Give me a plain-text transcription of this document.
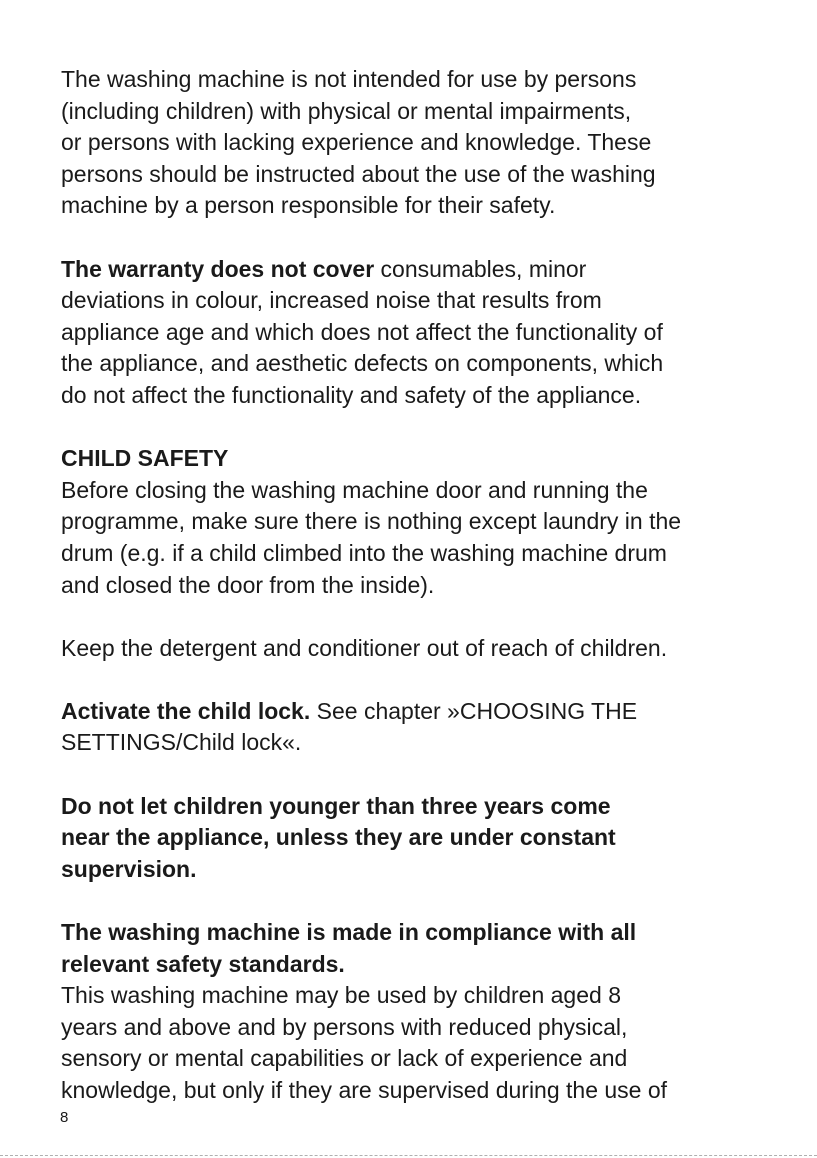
The washing machine is not intended for use by persons
(including children) with physical or mental impairments,
or persons with lacking experience and knowledge. These
persons should be instructed about the use of the washing
machine by a person responsible for their safety.

The warranty does not cover consumables, minor
deviations in colour, increased noise that results from
appliance age and which does not affect the functionality of
the appliance, and aesthetic defects on components, which
do not affect the functionality and safety of the appliance.

CHILD SAFETY
Before closing the washing machine door and running the
programme, make sure there is nothing except laundry in the
drum (e.g. if a child climbed into the washing machine drum
and closed the door from the inside).

Keep the detergent and conditioner out of reach of children.

Activate the child lock. See chapter »CHOOSING THE
SETTINGS/Child lock«.

Do not let children younger than three years come
near the appliance, unless they are under constant
supervision.

The washing machine is made in compliance with all
relevant safety standards.
This washing machine may be used by children aged 8
years and above and by persons with reduced physical,
sensory or mental capabilities or lack of experience and
knowledge, but only if they are supervised during the use of

8
